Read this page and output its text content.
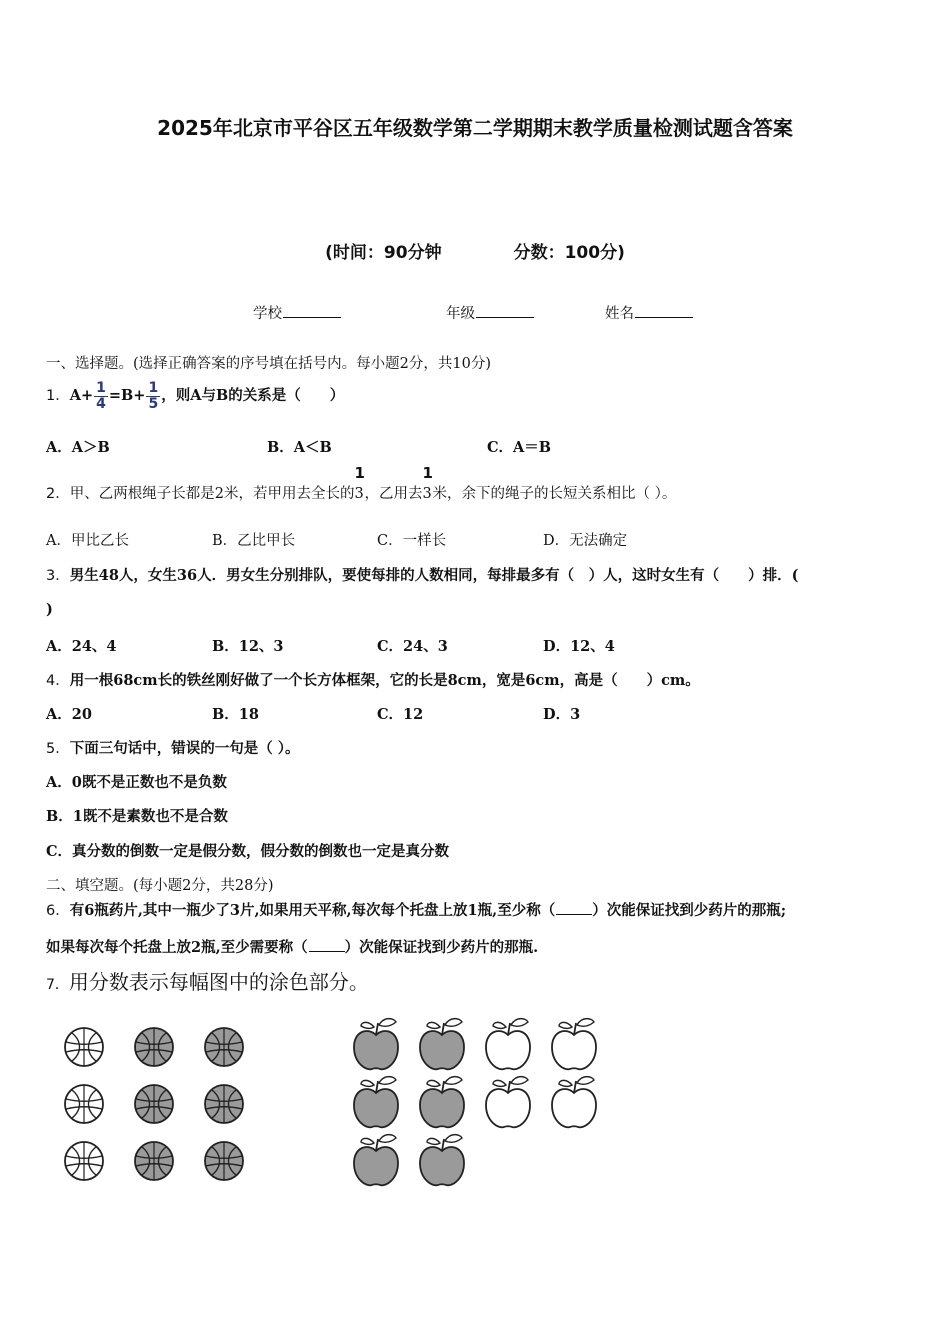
2025年北京市平谷区五年级数学第二学期期末教学质量检测试题含答案
(时间：90分钟	分数：100分)
学校	年级	姓名
一、选择题。(选择正确答案的序号填在括号内。每小题2分，共10分)
1．$A+ \frac{1}{4} =B+ \frac{1}{5}$ ，则A与B的关系是（　　）
A．A＞B	B．A＜B	C．A＝B
2．甲、乙两根绳子长都是2米，若甲用去全长的
1
3，乙用去
1
3米，余下的绳子的长短关系相比（ ）。
A．甲比乙长	B．乙比甲长	C．一样长	D．无法确定
3．男生48人，女生36人．男女生分别排队，要使每排的人数相同，每排最多有（　）人，这时女生有（　　）排．(
)
A．24、4	B．12、3	C．24、3	D．12、4
4．用一根68cm长的铁丝刚好做了一个长方体框架，它的长是8cm，宽是6cm，高是（　　）cm。
A．20	B．18	C．12	D．3
5．下面三句话中，错误的一句是（ ）。
A．0既不是正数也不是负数
B．1既不是素数也不是合数
C．真分数的倒数一定是假分数，假分数的倒数也一定是真分数
二、填空题。(每小题2分，共28分)
6．有6瓶药片,其中一瓶少了3片,如果用天平称,每次每个托盘上放1瓶,至少称（	）次能保证找到少药片的那瓶;
如果每次每个托盘上放2瓶,至少需要称（	）次能保证找到少药片的那瓶.
7．用分数表示每幅图中的涂色部分。
